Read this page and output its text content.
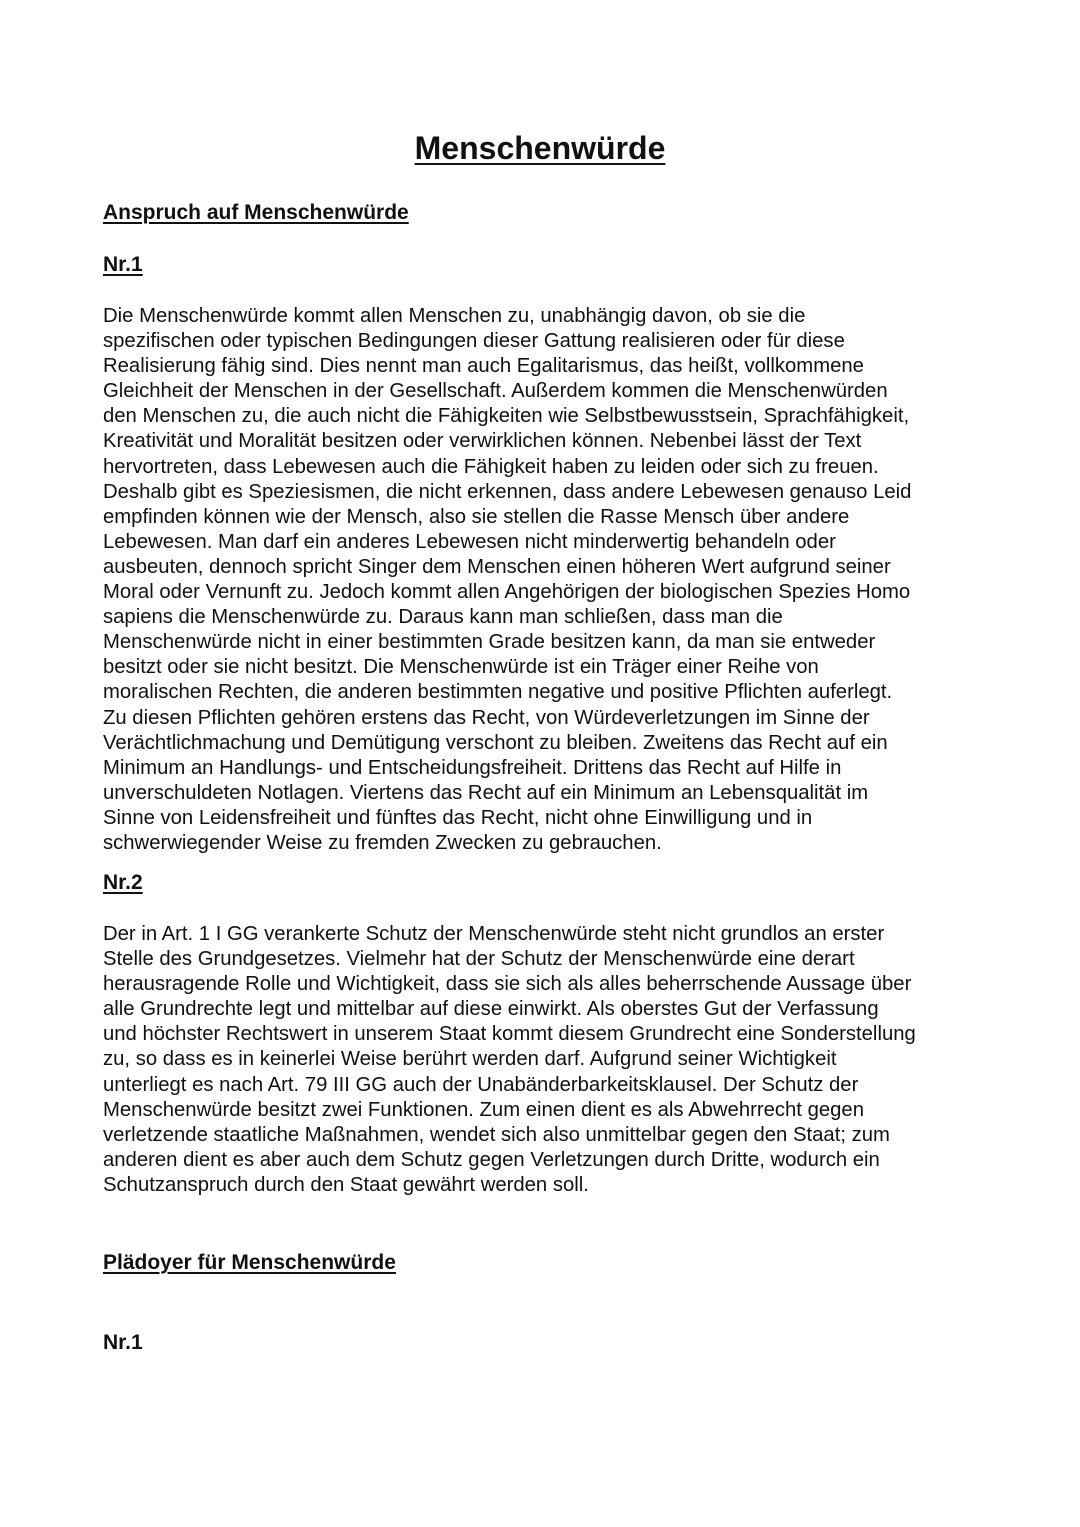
Menschenwürde
Anspruch auf Menschenwürde
Nr.1
Die Menschenwürde kommt allen Menschen zu, unabhängig davon, ob sie die
spezifischen oder typischen Bedingungen dieser Gattung realisieren oder für diese
Realisierung fähig sind. Dies nennt man auch Egalitarismus, das heißt, vollkommene
Gleichheit der Menschen in der Gesellschaft. Außerdem kommen die Menschenwürden
den Menschen zu, die auch nicht die Fähigkeiten wie Selbstbewusstsein, Sprachfähigkeit,
Kreativität und Moralität besitzen oder verwirklichen können. Nebenbei lässt der Text
hervortreten, dass Lebewesen auch die Fähigkeit haben zu leiden oder sich zu freuen.
Deshalb gibt es Speziesismen, die nicht erkennen, dass andere Lebewesen genauso Leid
empfinden können wie der Mensch, also sie stellen die Rasse Mensch über andere
Lebewesen. Man darf ein anderes Lebewesen nicht minderwertig behandeln oder
ausbeuten, dennoch spricht Singer dem Menschen einen höheren Wert aufgrund seiner
Moral oder Vernunft zu. Jedoch kommt allen Angehörigen der biologischen Spezies Homo
sapiens die Menschenwürde zu. Daraus kann man schließen, dass man die
Menschenwürde nicht in einer bestimmten Grade besitzen kann, da man sie entweder
besitzt oder sie nicht besitzt. Die Menschenwürde ist ein Träger einer Reihe von
moralischen Rechten, die anderen bestimmten negative und positive Pflichten auferlegt.
Zu diesen Pflichten gehören erstens das Recht, von Würdeverletzungen im Sinne der
Verächtlichmachung und Demütigung verschont zu bleiben. Zweitens das Recht auf ein
Minimum an Handlungs- und Entscheidungsfreiheit. Drittens das Recht auf Hilfe in
unverschuldeten Notlagen. Viertens das Recht auf ein Minimum an Lebensqualität im
Sinne von Leidensfreiheit und fünftes das Recht, nicht ohne Einwilligung und in
schwerwiegender Weise zu fremden Zwecken zu gebrauchen.
Nr.2
Der in Art. 1 I GG verankerte Schutz der Menschenwürde steht nicht grundlos an erster
Stelle des Grundgesetzes. Vielmehr hat der Schutz der Menschenwürde eine derart
herausragende Rolle und Wichtigkeit, dass sie sich als alles beherrschende Aussage über
alle Grundrechte legt und mittelbar auf diese einwirkt. Als oberstes Gut der Verfassung
und höchster Rechtswert in unserem Staat kommt diesem Grundrecht eine Sonderstellung
zu, so dass es in keinerlei Weise berührt werden darf. Aufgrund seiner Wichtigkeit
unterliegt es nach Art. 79 III GG auch der Unabänderbarkeitsklausel. Der Schutz der
Menschenwürde besitzt zwei Funktionen. Zum einen dient es als Abwehrrecht gegen
verletzende staatliche Maßnahmen, wendet sich also unmittelbar gegen den Staat; zum
anderen dient es aber auch dem Schutz gegen Verletzungen durch Dritte, wodurch ein
Schutzanspruch durch den Staat gewährt werden soll.
Plädoyer für Menschenwürde
Nr.1
